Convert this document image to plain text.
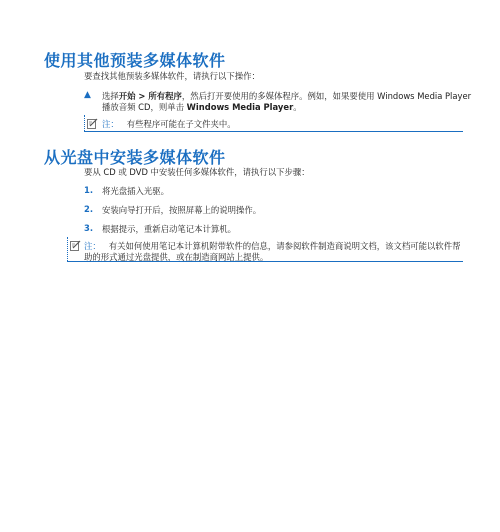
使用其他预装多媒体软件
要查找其他预装多媒体软件，请执行以下操作：
▲ 选择开始 > 所有程序，然后打开要使用的多媒体程序。例如，如果要使用 Windows Media Player
播放音频 CD，则单击 Windows Media Player。
注： 有些程序可能在子文件夹中。
从光盘中安装多媒体软件
要从 CD 或 DVD 中安装任何多媒体软件，请执行以下步骤：
1. 将光盘插入光驱。
2. 安装向导打开后，按照屏幕上的说明操作。
3. 根据提示，重新启动笔记本计算机。
注： 有关如何使用笔记本计算机附带软件的信息，请参阅软件制造商说明文档，该文档可能以软件帮
助的形式通过光盘提供，或在制造商网站上提供。
